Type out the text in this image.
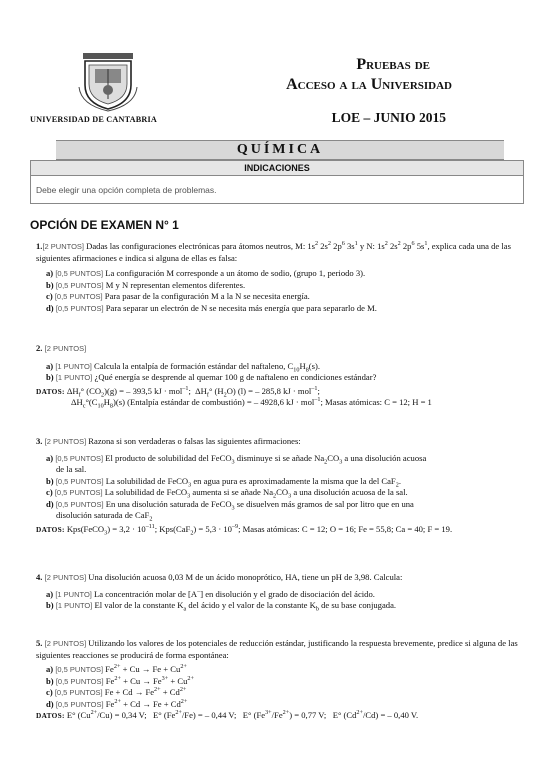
UNIVERSIDAD DE CANTABRIA
Pruebas de
Acceso a la Universidad
LOE – JUNIO 2015
QUÍMICA
INDICACIONES
Debe elegir una opción completa de problemas.
OPCIÓN DE EXAMEN N° 1

1.[2 PUNTOS] Dadas las configuraciones electrónicas para átomos neutros, M: $1s^2$ $2s^2$ $2p^6$ $3s^1$ y N: $1s^2$ $2s^2$ $2p^6$ $5s^1$, explica cada una de las siguientes afirmaciones e indica si alguna de ellas es falsa:

a) [0,5 PUNTOS] La configuración M corresponde a un átomo de sodio, (grupo 1, periodo 3).

b) [0,5 PUNTOS] M y N representan elementos diferentes.

c) [0,5 PUNTOS] Para pasar de la configuración M a la N se necesita energía.

d) [0,5 PUNTOS] Para separar un electrón de N se necesita más energía que para separarlo de M.

2. [2 PUNTOS]

a) [1 PUNTO] Calcula la entalpía de formación estándar del naftaleno, $C_{10}H_8(s)$.

b) [1 PUNTO] ¿Qué energía se desprende al quemar 100 g de naftaleno en condiciones estándar?

DATOS: $\Delta H_f^\circ$ $(CO_2)(g)$ = – 393,5 kJ · mol$^{-1}$;  $\Delta H_f^\circ$ $(H_2O) (l)$ = – 285,8 kJ · mol$^{-1}$;

$\Delta H_c^\circ(C_{10}H_8)(s)$ (Entalpía estándar de combustión) = – 4928,6 kJ · mol$^{-1}$; Masas atómicas: C = 12; H = 1

3. [2 PUNTOS] Razona si son verdaderas o falsas las siguientes afirmaciones:

a) [0,5 PUNTOS] El producto de solubilidad del FeCO$_3$ disminuye si se añade $Na_2CO_3$ a una disolución acuosa
de la sal.

b) [0,5 PUNTOS] La solubilidad de FeCO$_3$ en agua pura es aproximadamente la misma que la del CaF$_2$.

c) [0,5 PUNTOS] La solubilidad de FeCO$_3$ aumenta si se añade $Na_2CO_3$ a una disolución acuosa de la sal.

d) [0,5 PUNTOS] En una disolución saturada de FeCO$_3$ se disuelven más gramos de sal por litro que en una
disolución saturada de CaF$_2$

DATOS: Kps(FeCO$_3$) = $3,2 \cdot 10^{-11}$; $Kps(CaF_2) = 5,3 \cdot 10^{-9}$; Masas atómicas: C = 12; O = 16; Fe = 55,8; Ca = 40; F = 19.

4. [2 PUNTOS] Una disolución acuosa 0,03 M de un ácido monoprótico, HA, tiene un pH de 3,98. Calcula:

a) [1 PUNTO] La concentración molar de [A–] en disolución y el grado de disociación del ácido.

b) [1 PUNTO] El valor de la constante $K_a$ del ácido y el valor de la constante $K_b$ de su base conjugada.

5. [2 PUNTOS] Utilizando los valores de los potenciales de reducción estándar, justificando la respuesta brevemente, predice si alguna de las siguientes reacciones se producirá de forma espontánea:

a) [0,5 PUNTOS] $Fe^{2+} + Cu \to Fe + Cu^{2+}$

b) [0,5 PUNTOS] $Fe^{2+} + Cu \to Fe^{3+} + Cu^{2+}$

c) [0,5 PUNTOS] $Fe + Cd \to Fe^{2+} + Cd^{2+}$

d) [0,5 PUNTOS] $Fe^{2+} + Cd \to Fe + Cd^{2+}$

DATOS: E° $(Cu^{2+}/Cu) = 0,34$ V;   E° $(Fe^{2+}/Fe)$ = – 0,44 V;   E° $(Fe^{3+}/Fe^{2+}) = 0,77$ V;   E° $(Cd^{2+}/Cd)$ = – 0,40 V.
